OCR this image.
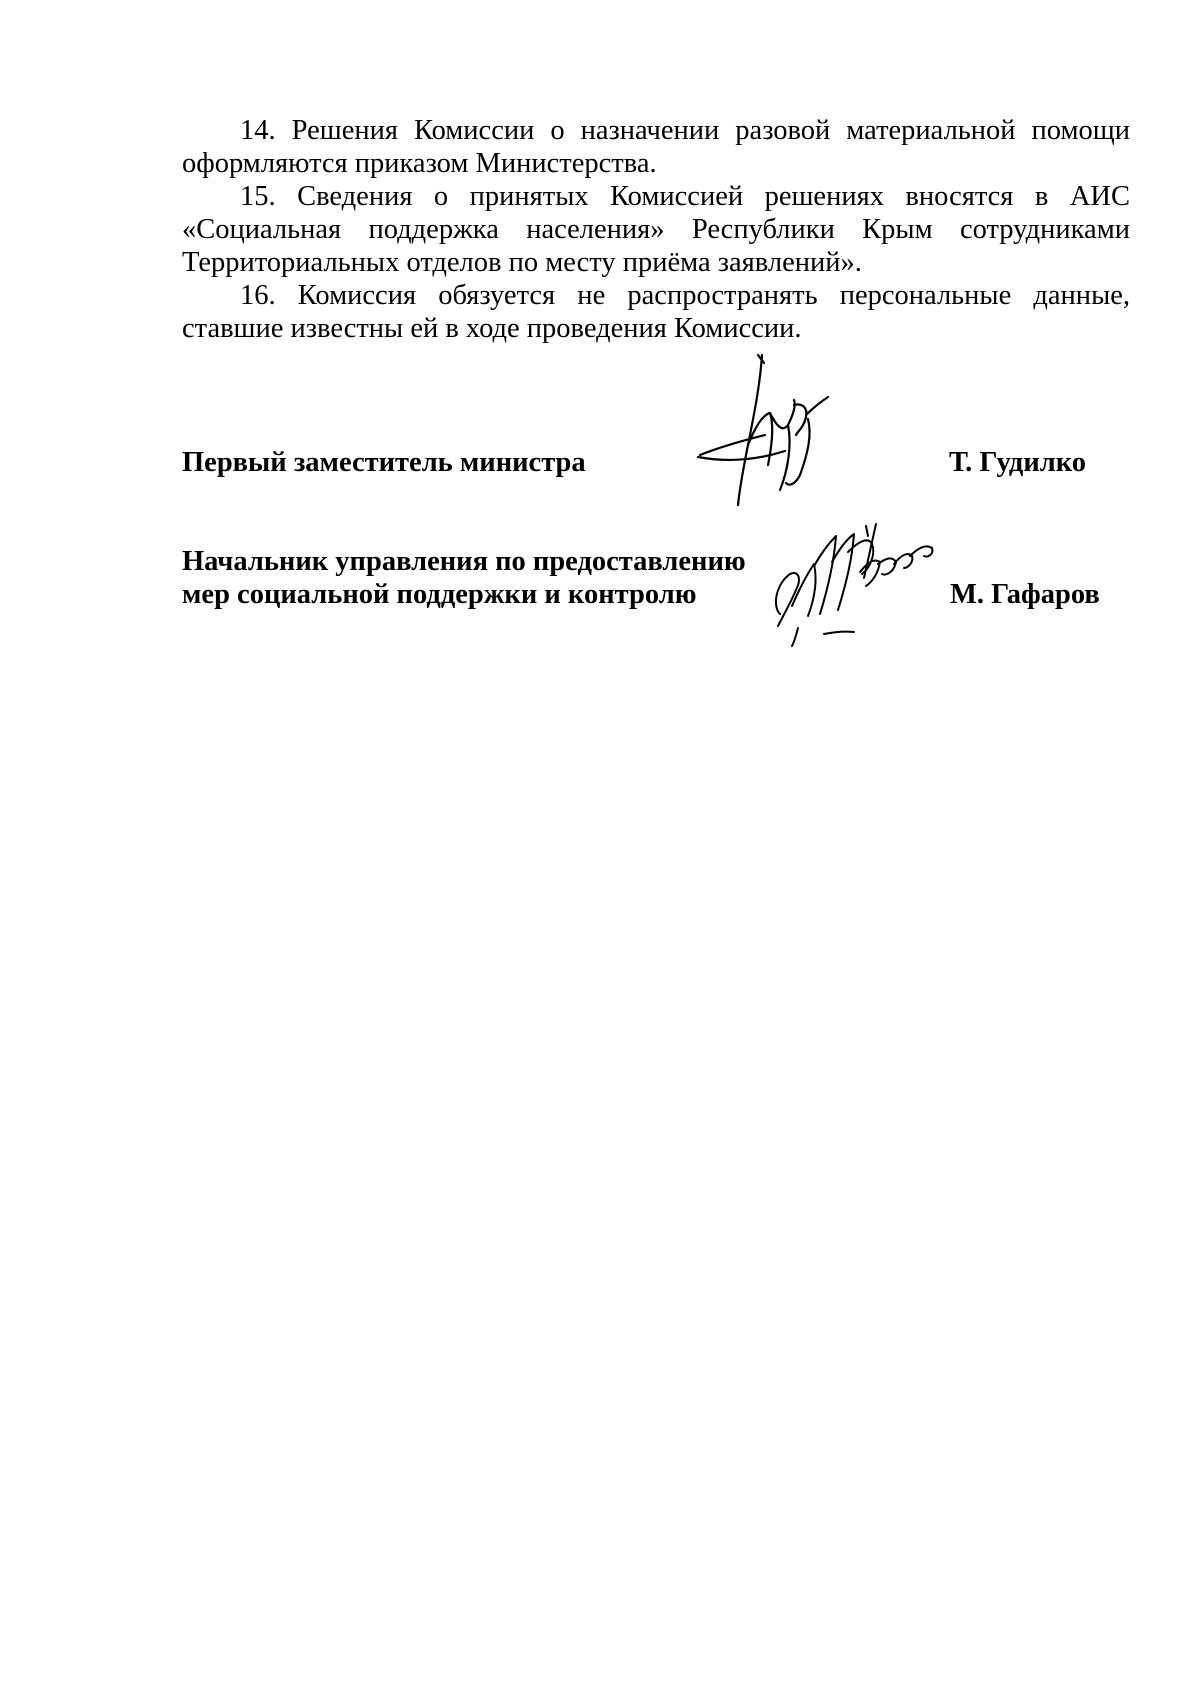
14. Решения Комиссии о назначении разовой материальной помощи оформляются приказом Министерства.

15. Сведения о принятых Комиссией решениях вносятся в АИС «Социальная поддержка населения» Республики Крым сотрудниками Территориальных отделов по месту приёма заявлений».

16. Комиссия обязуется не распространять персональные данные, ставшие известны ей в ходе проведения Комиссии.

Первый заместитель министра	Т. Гудилко
Начальник управления по предоставлению
мер социальной поддержки и контролю	М. Гафаров
